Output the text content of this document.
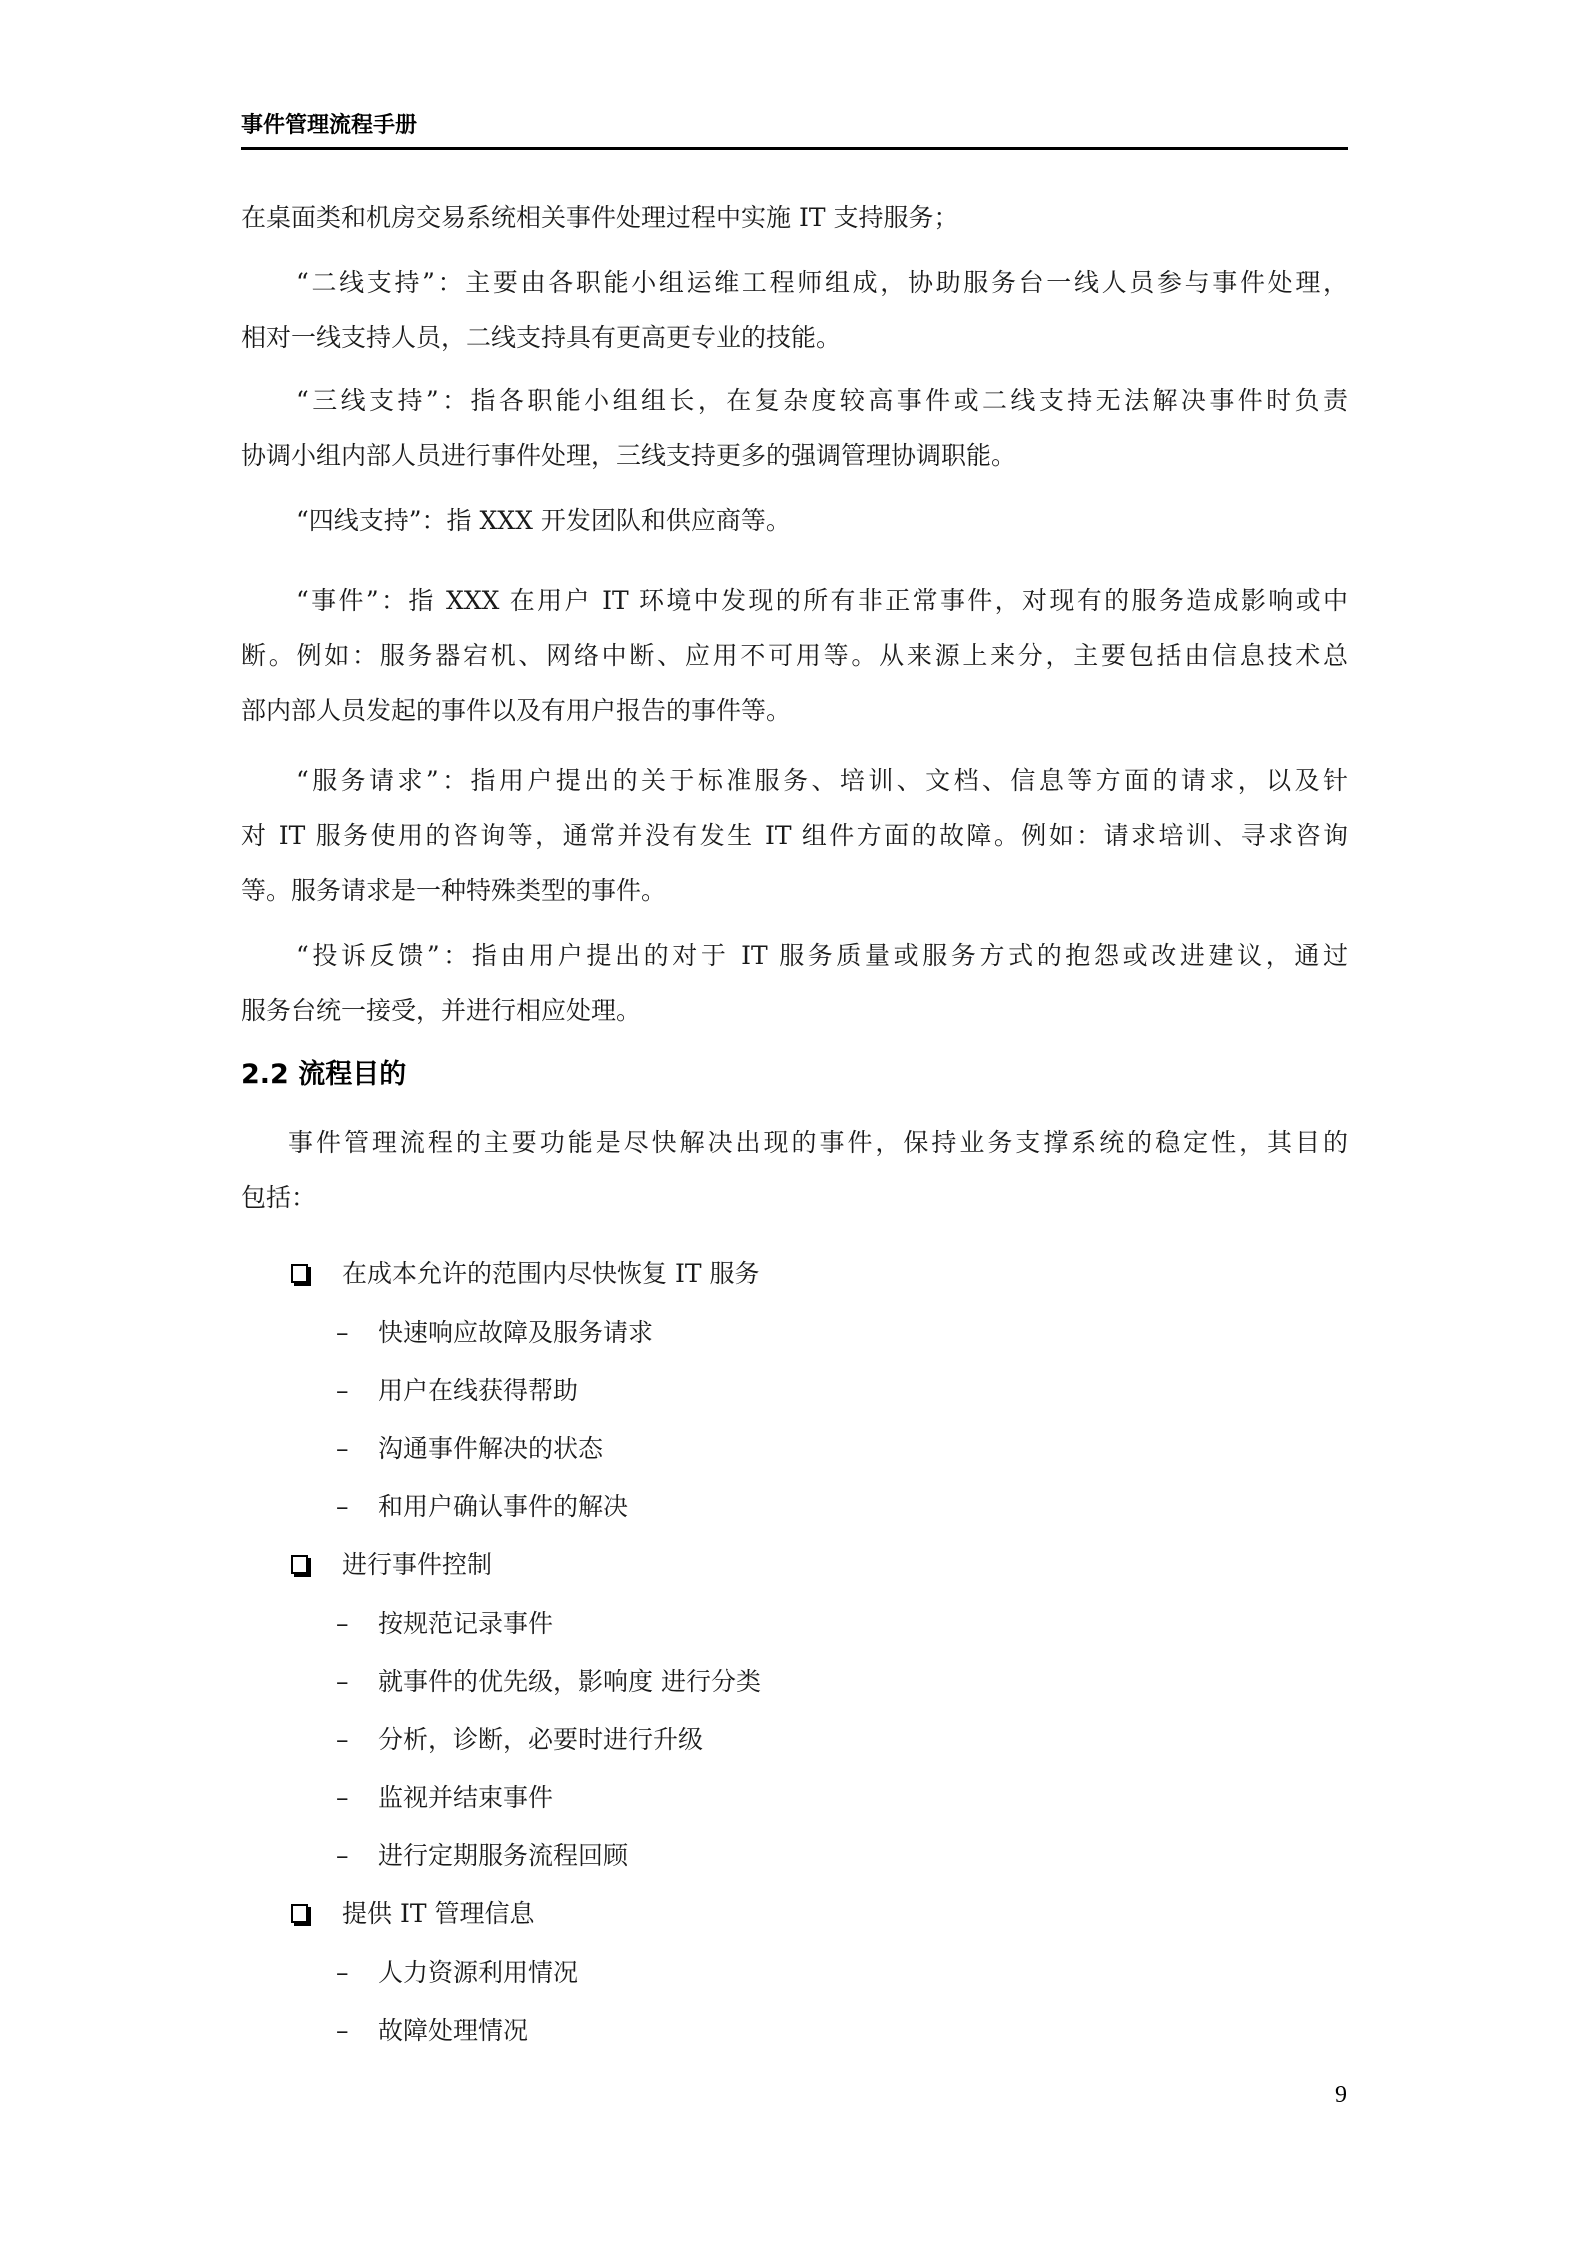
事件管理流程手册
在桌面类和机房交易系统相关事件处理过程中实施 IT 支持服务；
“二线支持”：主要由各职能小组运维工程师组成，协助服务台一线人员参与事件处理，
相对一线支持人员，二线支持具有更高更专业的技能。
“三线支持”：指各职能小组组长，在复杂度较高事件或二线支持无法解决事件时负责
协调小组内部人员进行事件处理，三线支持更多的强调管理协调职能。
“四线支持”：指 XXX 开发团队和供应商等。
“事件”：指 XXX 在用户 IT 环境中发现的所有非正常事件，对现有的服务造成影响或中
断。例如：服务器宕机、网络中断、应用不可用等。从来源上来分，主要包括由信息技术总
部内部人员发起的事件以及有用户报告的事件等。
“服务请求”：指用户提出的关于标准服务、培训、文档、信息等方面的请求，以及针
对 IT 服务使用的咨询等，通常并没有发生 IT 组件方面的故障。例如：请求培训、寻求咨询
等。服务请求是一种特殊类型的事件。
“投诉反馈”：指由用户提出的对于 IT 服务质量或服务方式的抱怨或改进建议，通过
服务台统一接受，并进行相应处理。
2.2 流程目的
事件管理流程的主要功能是尽快解决出现的事件，保持业务支撑系统的稳定性，其目的
包括：
在成本允许的范围内尽快恢复 IT 服务
– 快速响应故障及服务请求
– 用户在线获得帮助
– 沟通事件解决的状态
– 和用户确认事件的解决
进行事件控制
– 按规范记录事件
– 就事件的优先级，影响度 进行分类
– 分析，诊断，必要时进行升级
– 监视并结束事件
– 进行定期服务流程回顾
提供 IT 管理信息
– 人力资源利用情况
– 故障处理情况
9
